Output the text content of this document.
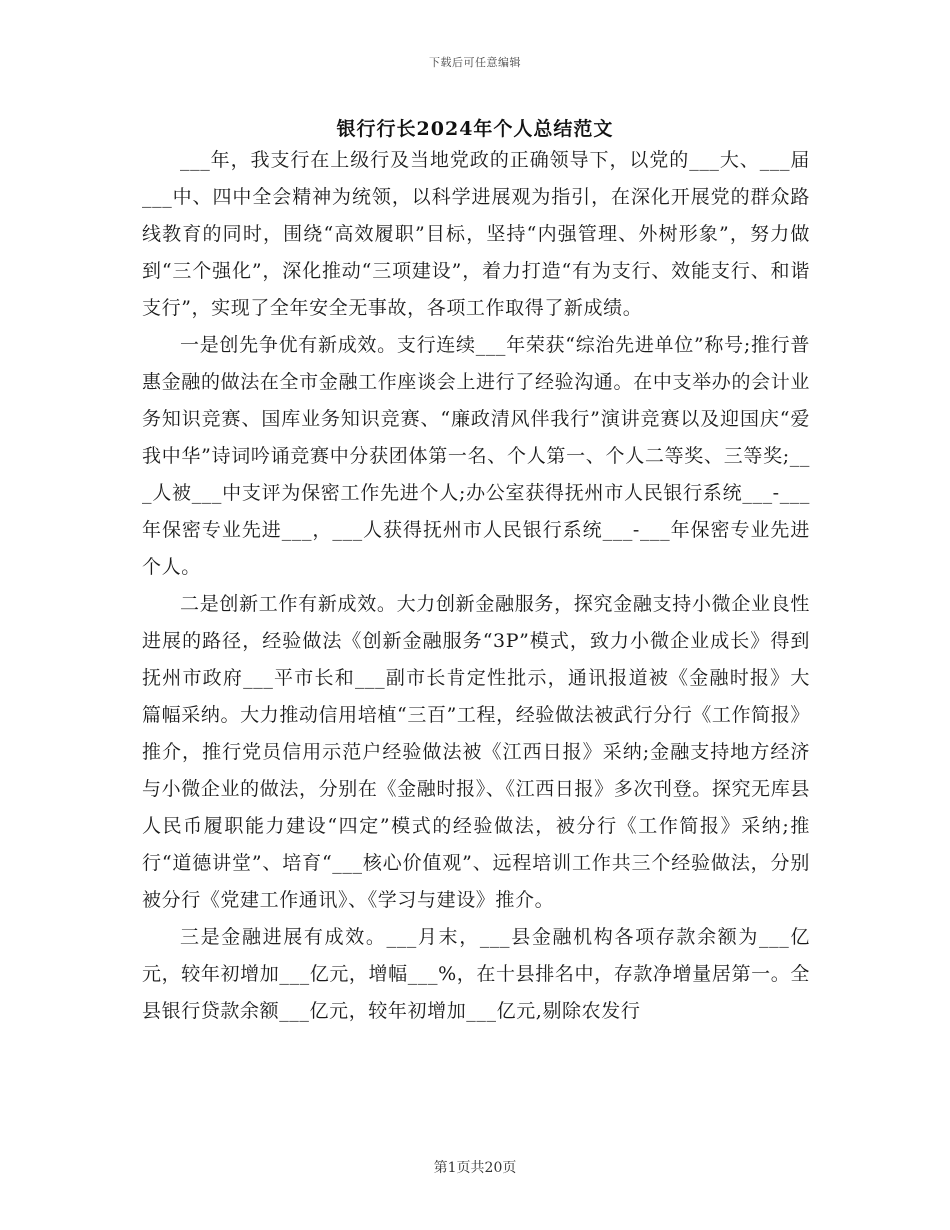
下载后可任意编辑
银行行长2024年个人总结范文

___年，我支行在上级行及当地党政的正确领导下，以党的___大、___届___中、四中全会精神为统领，以科学进展观为指引，在深化开展党的群众路线教育的同时，围绕“高效履职”目标，坚持“内强管理、外树形象”，努力做到“三个强化”，深化推动“三项建设”，着力打造“有为支行、效能支行、和谐支行”，实现了全年安全无事故，各项工作取得了新成绩。

一是创先争优有新成效。支行连续___年荣获“综治先进单位”称号;推行普惠金融的做法在全市金融工作座谈会上进行了经验沟通。在中支举办的会计业务知识竞赛、国库业务知识竞赛、“廉政清风伴我行”演讲竞赛以及迎国庆“爱我中华”诗词吟诵竞赛中分获团体第一名、个人第一、个人二等奖、三等奖;___人被___中支评为保密工作先进个人;办公室获得抚州市人民银行系统___-___年保密专业先进___，___人获得抚州市人民银行系统___-___年保密专业先进个人。

二是创新工作有新成效。大力创新金融服务，探究金融支持小微企业良性进展的路径，经验做法《创新金融服务“3P”模式，致力小微企业成长》得到抚州市政府___平市长和___副市长肯定性批示，通讯报道被《金融时报》大篇幅采纳。大力推动信用培植“三百”工程，经验做法被武行分行《工作简报》推介，推行党员信用示范户经验做法被《江西日报》采纳;金融支持地方经济与小微企业的做法，分别在《金融时报》、《江西日报》多次刊登。探究无库县人民币履职能力建设“四定”模式的经验做法，被分行《工作简报》采纳;推行“道德讲堂”、培育“___核心价值观”、远程培训工作共三个经验做法，分别被分行《党建工作通讯》、《学习与建设》推介。

三是金融进展有成效。___月末，___县金融机构各项存款余额为___亿元，较年初增加___亿元，增幅___%，在十县排名中，存款净增量居第一。全县银行贷款余额___亿元，较年初增加___亿元,剔除农发行

第1页共20页
